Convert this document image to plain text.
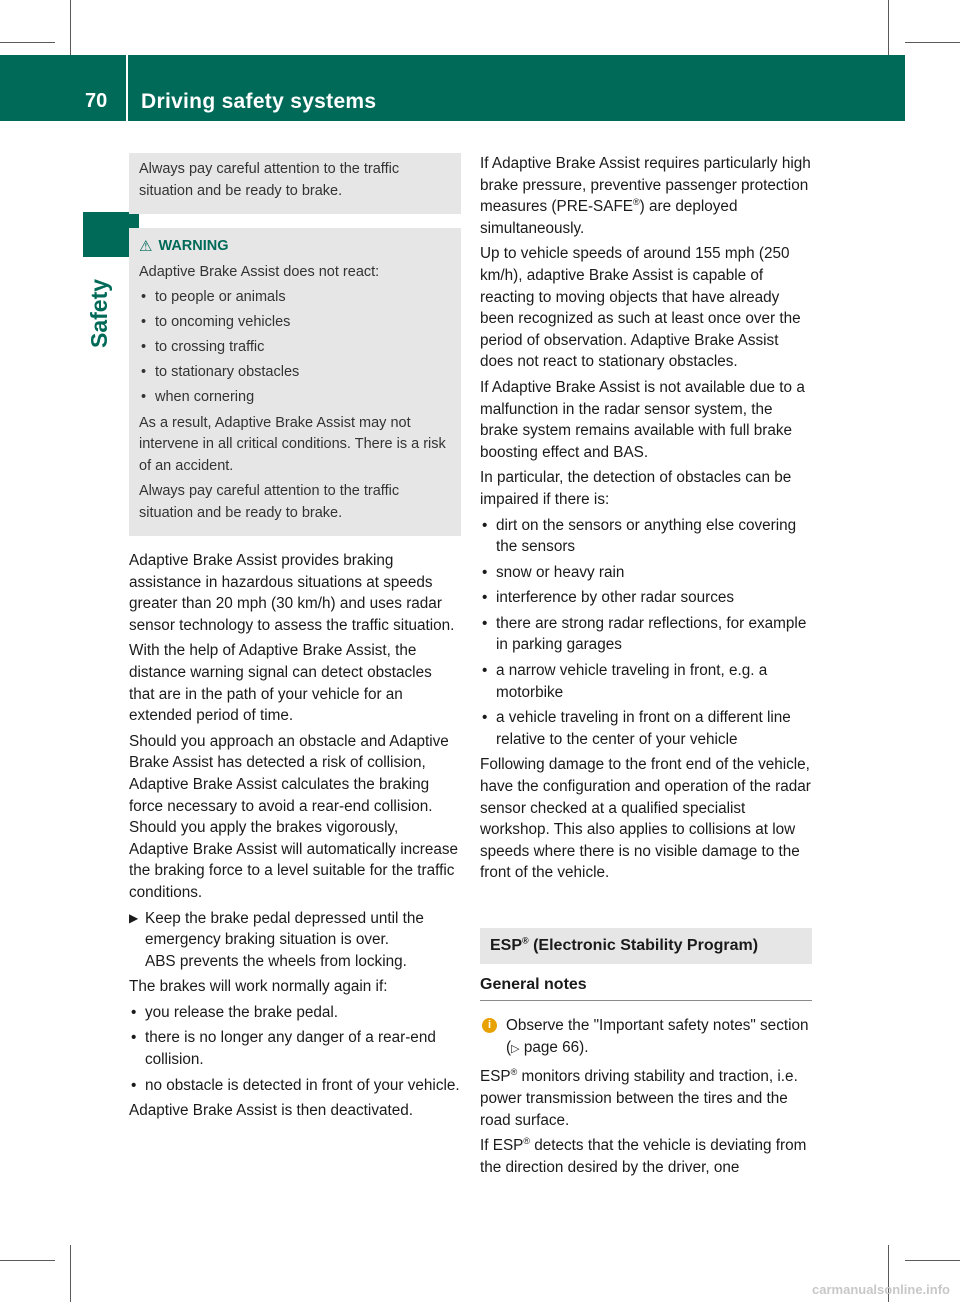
70	Driving safety systems
Safety

Always pay careful attention to the traffic situation and be ready to brake.

⚠ WARNING

Adaptive Brake Assist does not react:

• to people or animals
• to oncoming vehicles
• to crossing traffic
• to stationary obstacles
• when cornering

As a result, Adaptive Brake Assist may not intervene in all critical conditions. There is a risk of an accident.

Always pay careful attention to the traffic situation and be ready to brake.

Adaptive Brake Assist provides braking assistance in hazardous situations at speeds greater than 20 mph (30 km/h) and uses radar sensor technology to assess the traffic situation.

With the help of Adaptive Brake Assist, the distance warning signal can detect obstacles that are in the path of your vehicle for an extended period of time.

Should you approach an obstacle and Adaptive Brake Assist has detected a risk of collision, Adaptive Brake Assist calculates the braking force necessary to avoid a rear-end collision. Should you apply the brakes vigorously, Adaptive Brake Assist will automatically increase the braking force to a level suitable for the traffic conditions.

▶ Keep the brake pedal depressed until the emergency braking situation is over.
ABS prevents the wheels from locking.

The brakes will work normally again if:

• you release the brake pedal.
• there is no longer any danger of a rear-end collision.
• no obstacle is detected in front of your vehicle.

Adaptive Brake Assist is then deactivated.

If Adaptive Brake Assist requires particularly high brake pressure, preventive passenger protection measures (PRE-SAFE®) are deployed simultaneously.

Up to vehicle speeds of around 155 mph (250 km/h), adaptive Brake Assist is capable of reacting to moving objects that have already been recognized as such at least once over the period of observation. Adaptive Brake Assist does not react to stationary obstacles.

If Adaptive Brake Assist is not available due to a malfunction in the radar sensor system, the brake system remains available with full brake boosting effect and BAS.

In particular, the detection of obstacles can be impaired if there is:

• dirt on the sensors or anything else covering the sensors
• snow or heavy rain
• interference by other radar sources
• there are strong radar reflections, for example in parking garages
• a narrow vehicle traveling in front, e.g. a motorbike
• a vehicle traveling in front on a different line relative to the center of your vehicle

Following damage to the front end of the vehicle, have the configuration and operation of the radar sensor checked at a qualified specialist workshop. This also applies to collisions at low speeds where there is no visible damage to the front of the vehicle.

ESP® (Electronic Stability Program)
General notes
i Observe the "Important safety notes" section (▷ page 66).

ESP® monitors driving stability and traction, i.e. power transmission between the tires and the road surface.

If ESP® detects that the vehicle is deviating from the direction desired by the driver, one

carmanualsonline.info
